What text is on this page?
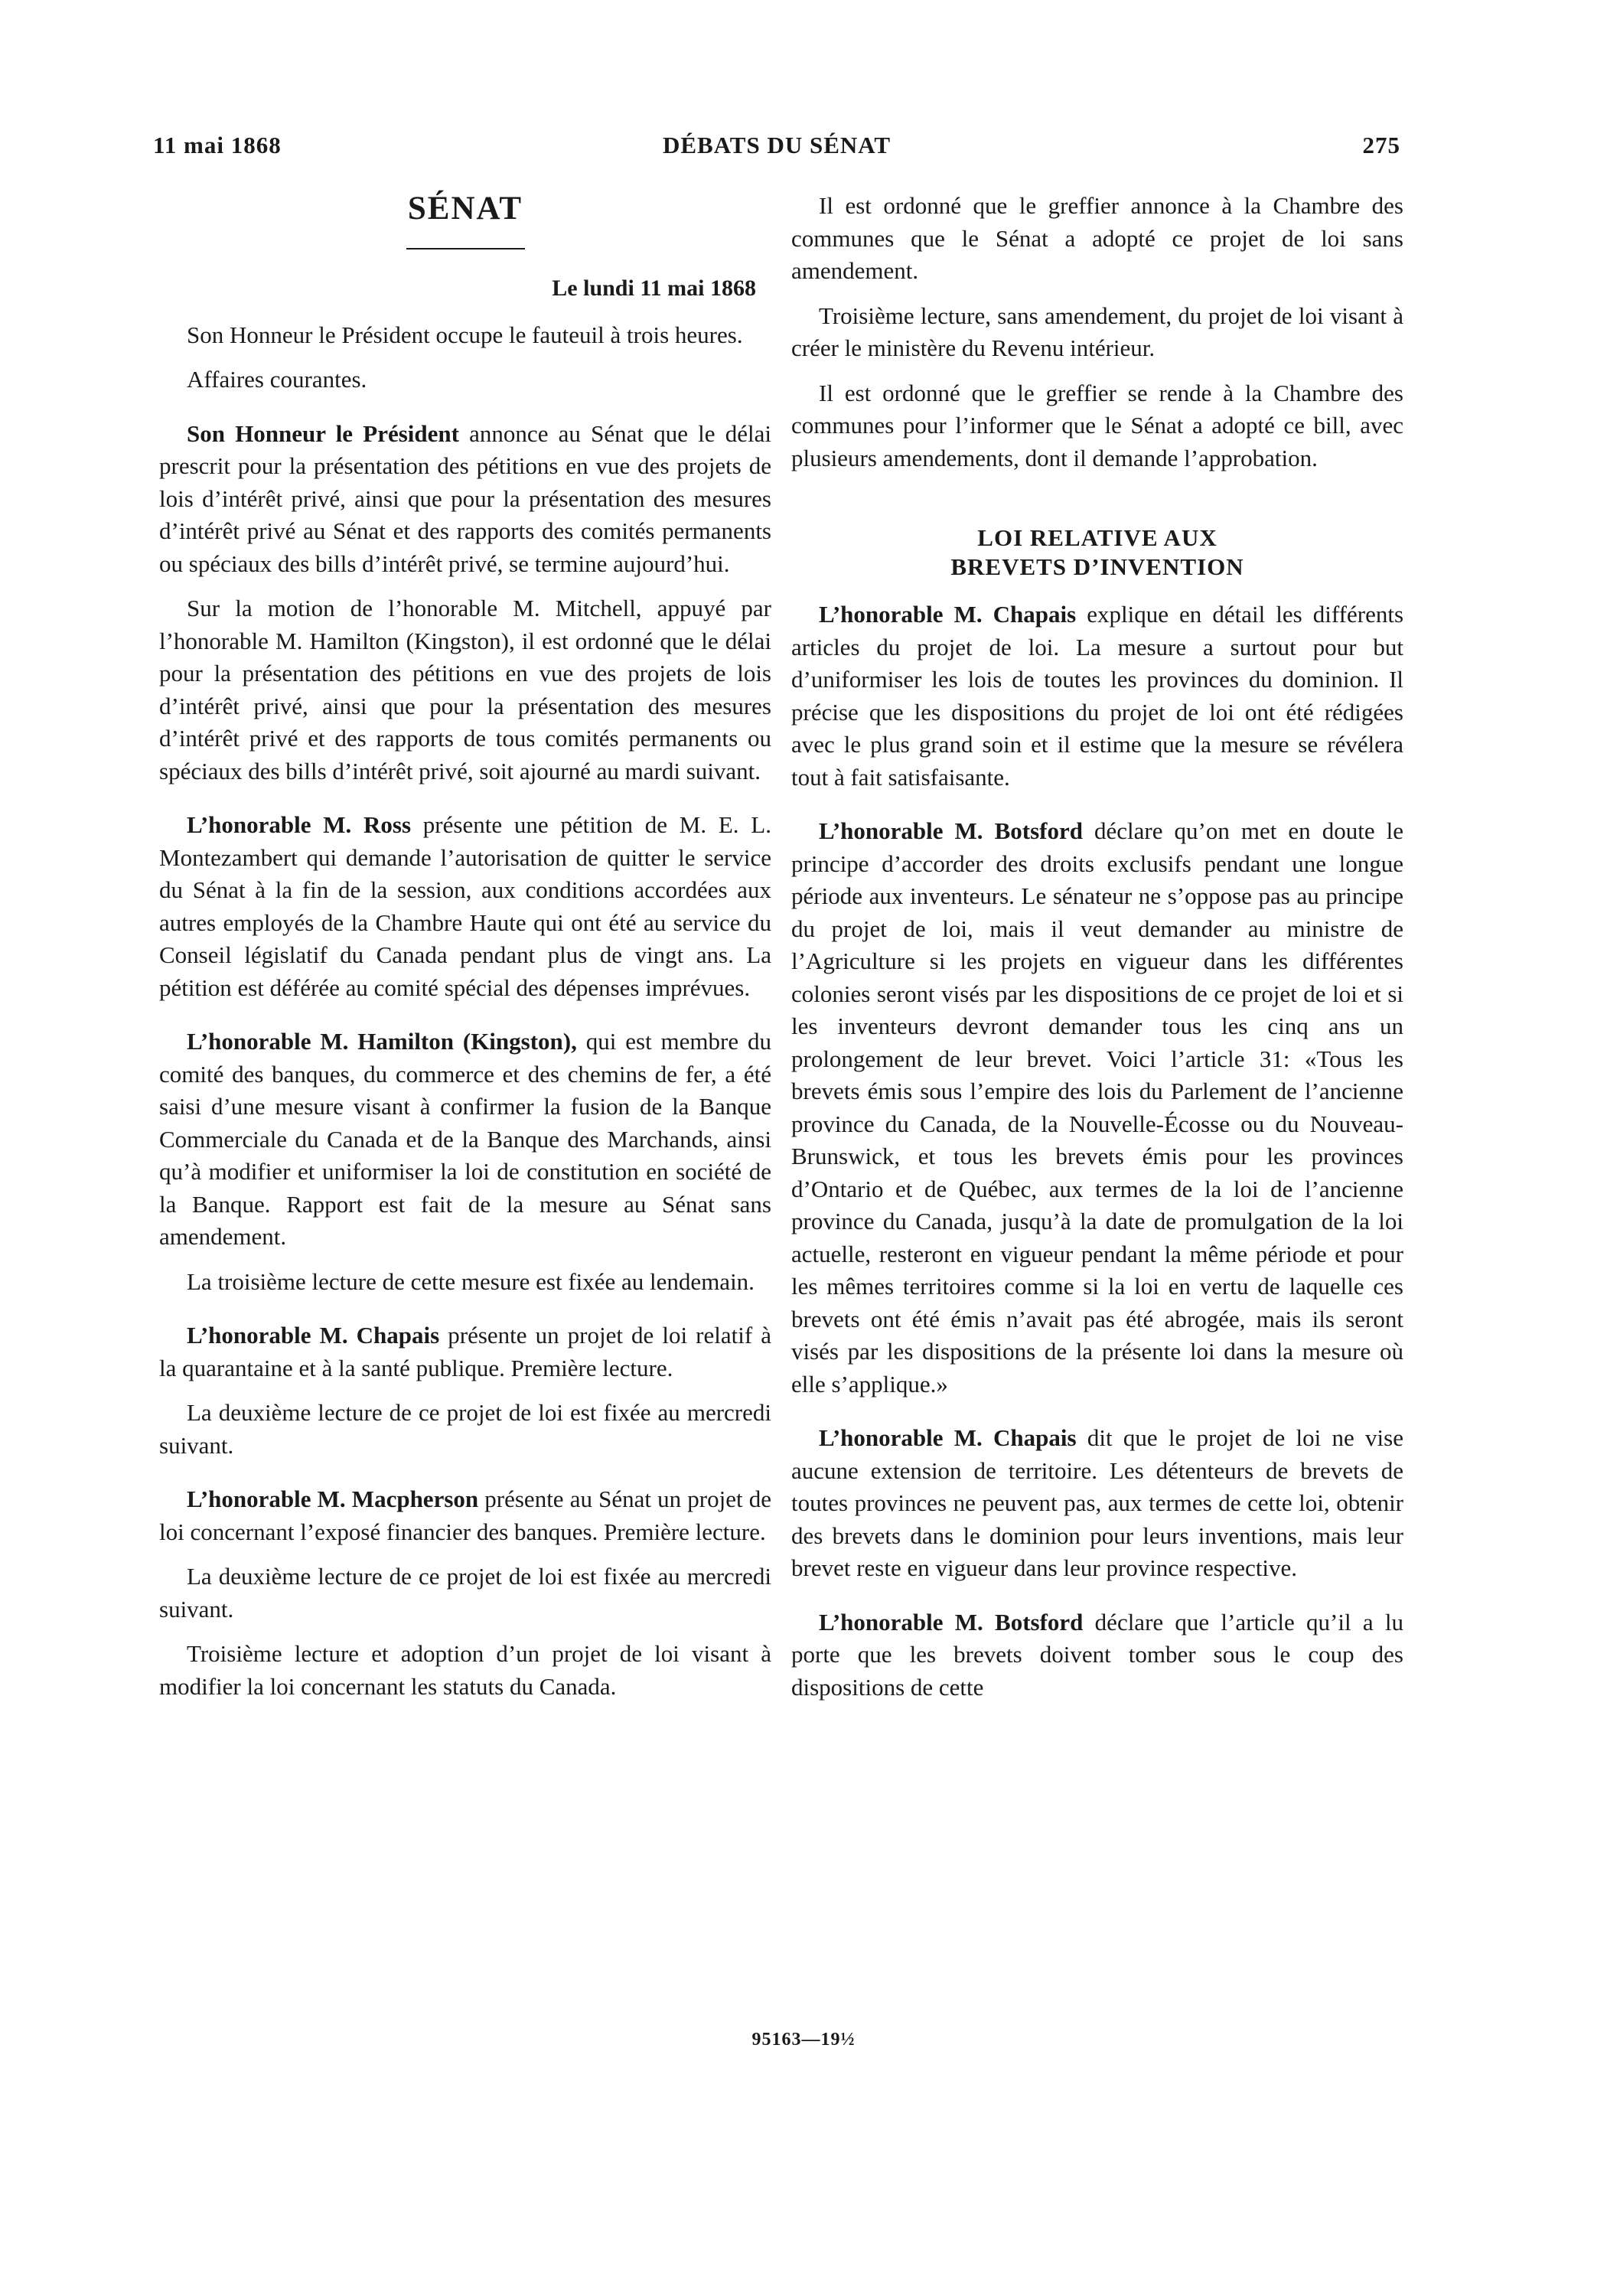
11 mai 1868	DÉBATS DU SÉNAT	275
SÉNAT
Le lundi 11 mai 1868

Son Honneur le Président occupe le fauteuil à trois heures.

Affaires courantes.

Son Honneur le Président annonce au Sénat que le délai prescrit pour la présentation des pétitions en vue des projets de lois d’intérêt privé, ainsi que pour la présentation des mesures d’intérêt privé au Sénat et des rapports des comités permanents ou spéciaux des bills d’intérêt privé, se termine aujourd’hui.

Sur la motion de l’honorable M. Mitchell, appuyé par l’honorable M. Hamilton (Kingston), il est ordonné que le délai pour la présentation des pétitions en vue des projets de lois d’intérêt privé, ainsi que pour la présentation des mesures d’intérêt privé et des rapports de tous comités permanents ou spéciaux des bills d’intérêt privé, soit ajourné au mardi suivant.

L’honorable M. Ross présente une pétition de M. E. L. Montezambert qui demande l’autorisation de quitter le service du Sénat à la fin de la session, aux conditions accordées aux autres employés de la Chambre Haute qui ont été au service du Conseil législatif du Canada pendant plus de vingt ans. La pétition est déférée au comité spécial des dépenses imprévues.

L’honorable M. Hamilton (Kingston), qui est membre du comité des banques, du commerce et des chemins de fer, a été saisi d’une mesure visant à confirmer la fusion de la Banque Commerciale du Canada et de la Banque des Marchands, ainsi qu’à modifier et uniformiser la loi de constitution en société de la Banque. Rapport est fait de la mesure au Sénat sans amendement.

La troisième lecture de cette mesure est fixée au lendemain.

L’honorable M. Chapais présente un projet de loi relatif à la quarantaine et à la santé publique. Première lecture.

La deuxième lecture de ce projet de loi est fixée au mercredi suivant.

L’honorable M. Macpherson présente au Sénat un projet de loi concernant l’exposé financier des banques. Première lecture.

La deuxième lecture de ce projet de loi est fixée au mercredi suivant.

Troisième lecture et adoption d’un projet de loi visant à modifier la loi concernant les statuts du Canada.

Il est ordonné que le greffier annonce à la Chambre des communes que le Sénat a adopté ce projet de loi sans amendement.

Troisième lecture, sans amendement, du projet de loi visant à créer le ministère du Revenu intérieur.

Il est ordonné que le greffier se rende à la Chambre des communes pour l’informer que le Sénat a adopté ce bill, avec plusieurs amendements, dont il demande l’approbation.

LOI RELATIVE AUX
BREVETS D’INVENTION

L’honorable M. Chapais explique en détail les différents articles du projet de loi. La mesure a surtout pour but d’uniformiser les lois de toutes les provinces du dominion. Il précise que les dispositions du projet de loi ont été rédigées avec le plus grand soin et il estime que la mesure se révélera tout à fait satisfaisante.

L’honorable M. Botsford déclare qu’on met en doute le principe d’accorder des droits exclusifs pendant une longue période aux inventeurs. Le sénateur ne s’oppose pas au principe du projet de loi, mais il veut demander au ministre de l’Agriculture si les projets en vigueur dans les différentes colonies seront visés par les dispositions de ce projet de loi et si les inventeurs devront demander tous les cinq ans un prolongement de leur brevet. Voici l’article 31: «Tous les brevets émis sous l’empire des lois du Parlement de l’ancienne province du Canada, de la Nouvelle-Écosse ou du Nouveau-Brunswick, et tous les brevets émis pour les provinces d’Ontario et de Québec, aux termes de la loi de l’ancienne province du Canada, jusqu’à la date de promulgation de la loi actuelle, resteront en vigueur pendant la même période et pour les mêmes territoires comme si la loi en vertu de laquelle ces brevets ont été émis n’avait pas été abrogée, mais ils seront visés par les dispositions de la présente loi dans la mesure où elle s’applique.»

L’honorable M. Chapais dit que le projet de loi ne vise aucune extension de territoire. Les détenteurs de brevets de toutes provinces ne peuvent pas, aux termes de cette loi, obtenir des brevets dans le dominion pour leurs inventions, mais leur brevet reste en vigueur dans leur province respective.

L’honorable M. Botsford déclare que l’article qu’il a lu porte que les brevets doivent tomber sous le coup des dispositions de cette

95163—19½
